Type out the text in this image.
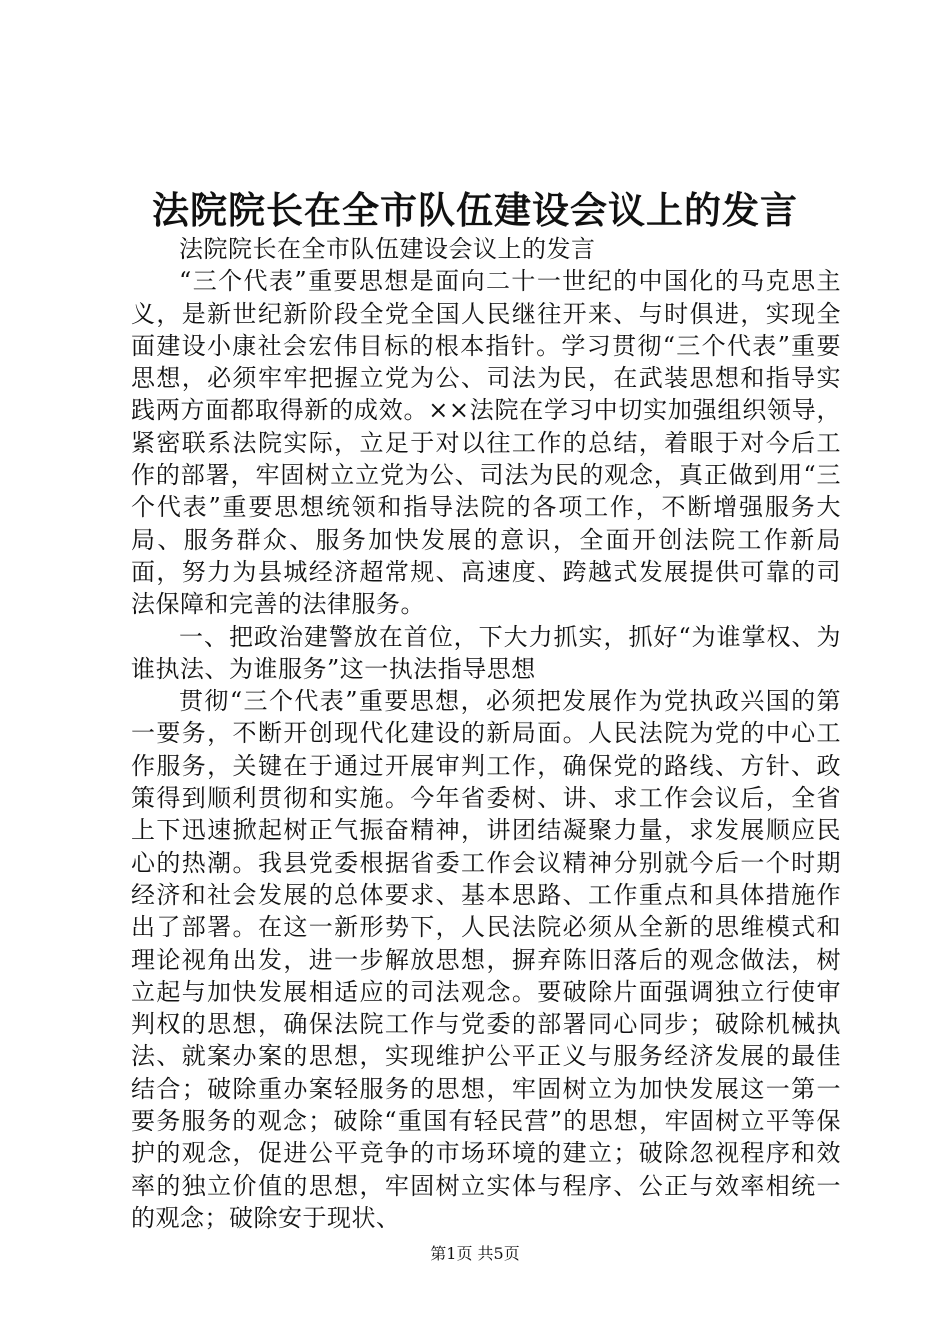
法院院长在全市队伍建设会议上的发言

法院院长在全市队伍建设会议上的发言

“三个代表”重要思想是面向二十一世纪的中国化的马克思主义，是新世纪新阶段全党全国人民继往开来、与时俱进，实现全面建设小康社会宏伟目标的根本指针。学习贯彻“三个代表”重要思想，必须牢牢把握立党为公、司法为民，在武装思想和指导实践两方面都取得新的成效。××法院在学习中切实加强组织领导，紧密联系法院实际，立足于对以往工作的总结，着眼于对今后工作的部署，牢固树立立党为公、司法为民的观念，真正做到用“三个代表”重要思想统领和指导法院的各项工作，不断增强服务大局、服务群众、服务加快发展的意识，全面开创法院工作新局面，努力为县城经济超常规、高速度、跨越式发展提供可靠的司法保障和完善的法律服务。

一、把政治建警放在首位，下大力抓实，抓好“为谁掌权、为谁执法、为谁服务”这一执法指导思想

贯彻“三个代表”重要思想，必须把发展作为党执政兴国的第一要务，不断开创现代化建设的新局面。人民法院为党的中心工作服务，关键在于通过开展审判工作，确保党的路线、方针、政策得到顺利贯彻和实施。今年省委树、讲、求工作会议后，全省上下迅速掀起树正气振奋精神，讲团结凝聚力量，求发展顺应民心的热潮。我县党委根据省委工作会议精神分别就今后一个时期经济和社会发展的总体要求、基本思路、工作重点和具体措施作出了部署。在这一新形势下，人民法院必须从全新的思维模式和理论视角出发，进一步解放思想，摒弃陈旧落后的观念做法，树立起与加快发展相适应的司法观念。要破除片面强调独立行使审判权的思想，确保法院工作与党委的部署同心同步；破除机械执法、就案办案的思想，实现维护公平正义与服务经济发展的最佳结合；破除重办案轻服务的思想，牢固树立为加快发展这一第一要务服务的观念；破除“重国有轻民营”的思想，牢固树立平等保护的观念，促进公平竞争的市场环境的建立；破除忽视程序和效率的独立价值的思想，牢固树立实体与程序、公正与效率相统一的观念；破除安于现状、

第1页 共5页
